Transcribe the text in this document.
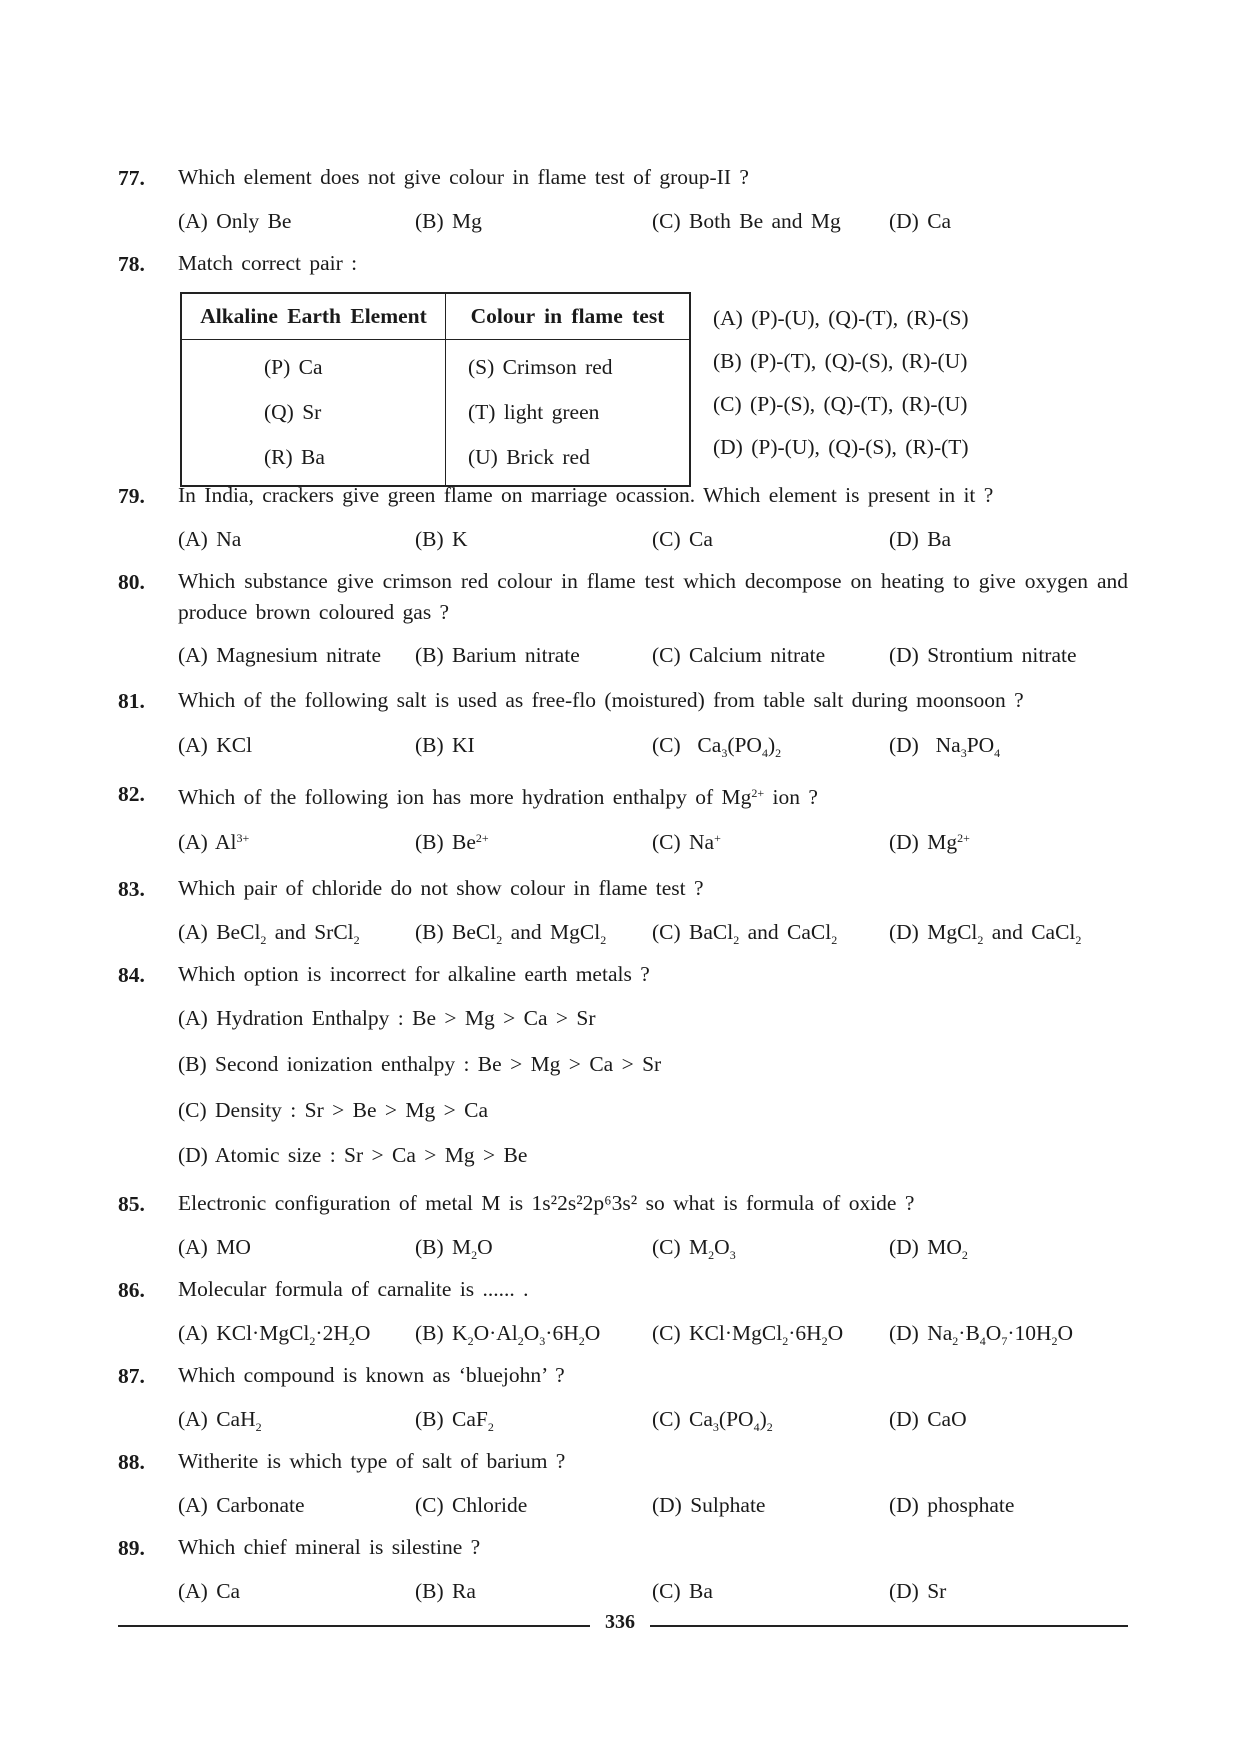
77. Which element does not give colour in flame test of group-II ?
(A) Only Be	(B) Mg	(C) Both Be and Mg (D) Ca
78. Match correct pair :
Alkaline Earth Element	Colour in flame test
(P) Ca	(S) Crimson red
(Q) Sr	(T) light green
(R) Ba	(U) Brick red
(A) (P)-(U), (Q)-(T), (R)-(S)
(B) (P)-(T), (Q)-(S), (R)-(U)
(C) (P)-(S), (Q)-(T), (R)-(U)
(D) (P)-(U), (Q)-(S), (R)-(T)
79. In India, crackers give green flame on marriage ocassion. Which element is present in it ?
(A) Na	(B) K	(C) Ca	(D) Ba
80. Which substance give crimson red colour in flame test which decompose on heating to give oxygen and produce brown coloured gas ?
(A) Magnesium nitrate (B) Barium nitrate	(C) Calcium nitrate	(D) Strontium nitrate
81. Which of the following salt is used as free-flo (moistured) from table salt during moonsoon ?
(A) KCl	(B) KI	(C) $Ca_3(PO_4)_2$	(D) $Na_3PO_4$
82. Which of the following ion has more hydration enthalpy of $Mg^{2+}$ ion ?
(A) $Al^{3+}$	(B) $Be^{2+}$	(C) Na+	(D) $Mg^{2+}$
83. Which pair of chloride do not show colour in flame test ?
(A) BeCl$_2$ and SrCl$_2$	(B) BeCl$_2$ and MgCl$_2$ (C) BaCl$_2$ and CaCl$_2$ (D) MgCl$_2$ and CaCl$_2$
84. Which option is incorrect for alkaline earth metals ?
(A) Hydration Enthalpy : Be > Mg > Ca > Sr
(B) Second ionization enthalpy : Be > Mg > Ca > Sr
(C) Density : Sr > Be > Mg > Ca
(D) Atomic size : Sr > Ca > Mg > Be
85. Electronic configuration of metal M is 1s²2s²2p⁶3s² so what is formula of oxide ?
(A) MO	(B) $M_2O$	(C) $M_2O_3$	(D) $MO_2$
86. Molecular formula of carnalite is ...... .
(A) $KCl\cdot MgCl_2\cdot 2H_2O$ (B) $K_2O\cdot Al_2O_3\cdot 6H_2O$ (C) $KCl\cdot MgCl_2\cdot 6H_2O$ (D) $Na_2\cdot B_4O_7\cdot 10H_2O$
87. Which compound is known as ‘bluejohn’ ?
(A) CaH$_2$	(B) CaF$_2$	(C) $Ca_3(PO_4)_2$	(D) CaO
88. Witherite is which type of salt of barium ?
(A) Carbonate	(C) Chloride	(D) Sulphate	(D) phosphate
89. Which chief mineral is silestine ?
(A) Ca	(B) Ra	(C) Ba	(D) Sr
336
